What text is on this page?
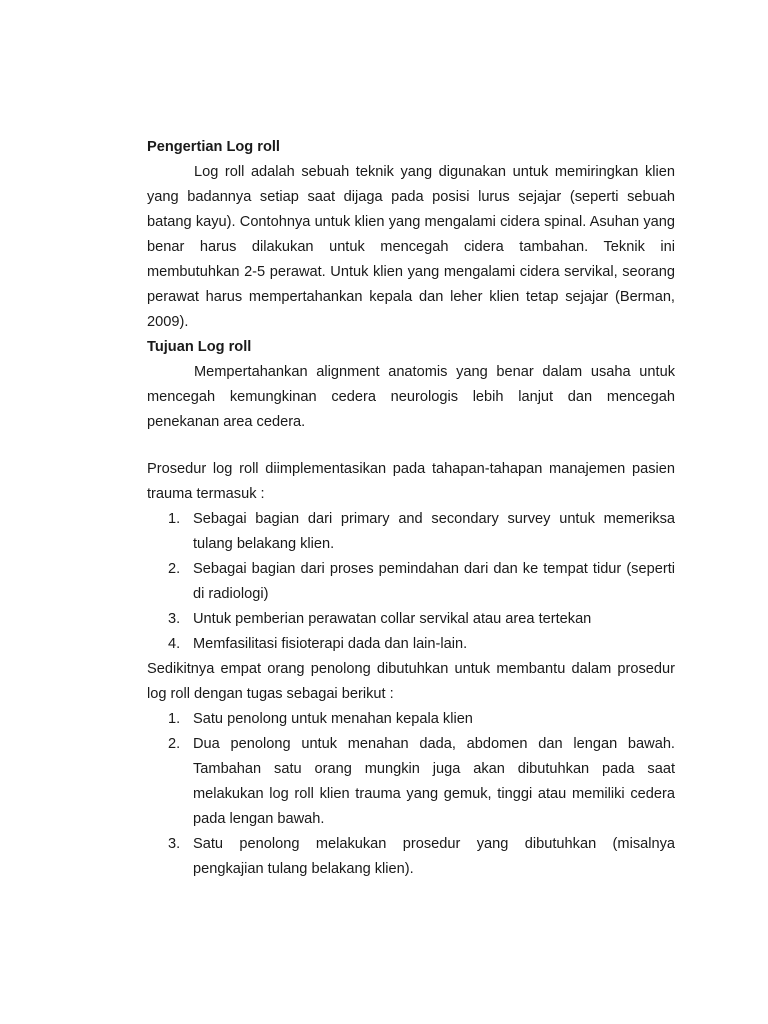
Pengertian Log roll

Log roll adalah sebuah teknik yang digunakan untuk memiringkan klien yang badannya setiap saat dijaga pada posisi lurus sejajar (seperti sebuah batang kayu). Contohnya untuk klien yang mengalami cidera spinal. Asuhan yang benar harus dilakukan untuk mencegah cidera tambahan. Teknik ini membutuhkan 2-5 perawat. Untuk klien yang mengalami cidera servikal, seorang perawat harus mempertahankan kepala dan leher klien tetap sejajar (Berman, 2009).

Tujuan Log roll

Mempertahankan alignment anatomis yang benar dalam usaha untuk mencegah kemungkinan cedera neurologis lebih lanjut dan mencegah penekanan area cedera.

Prosedur log roll diimplementasikan pada tahapan-tahapan manajemen pasien trauma termasuk :

1. Sebagai bagian dari primary and secondary survey untuk memeriksa tulang belakang klien.
2. Sebagai bagian dari proses pemindahan dari dan ke tempat tidur (seperti di radiologi)
3. Untuk pemberian perawatan collar servikal atau area tertekan
4. Memfasilitasi fisioterapi dada dan lain-lain.

Sedikitnya empat orang penolong dibutuhkan untuk membantu dalam prosedur log roll dengan tugas sebagai berikut :

1. Satu penolong untuk menahan kepala klien
2. Dua penolong untuk menahan dada, abdomen dan lengan bawah. Tambahan satu orang mungkin juga akan dibutuhkan pada saat melakukan log roll klien trauma yang gemuk, tinggi atau memiliki cedera pada lengan bawah.
3. Satu penolong melakukan prosedur yang dibutuhkan (misalnya pengkajian tulang belakang klien).
